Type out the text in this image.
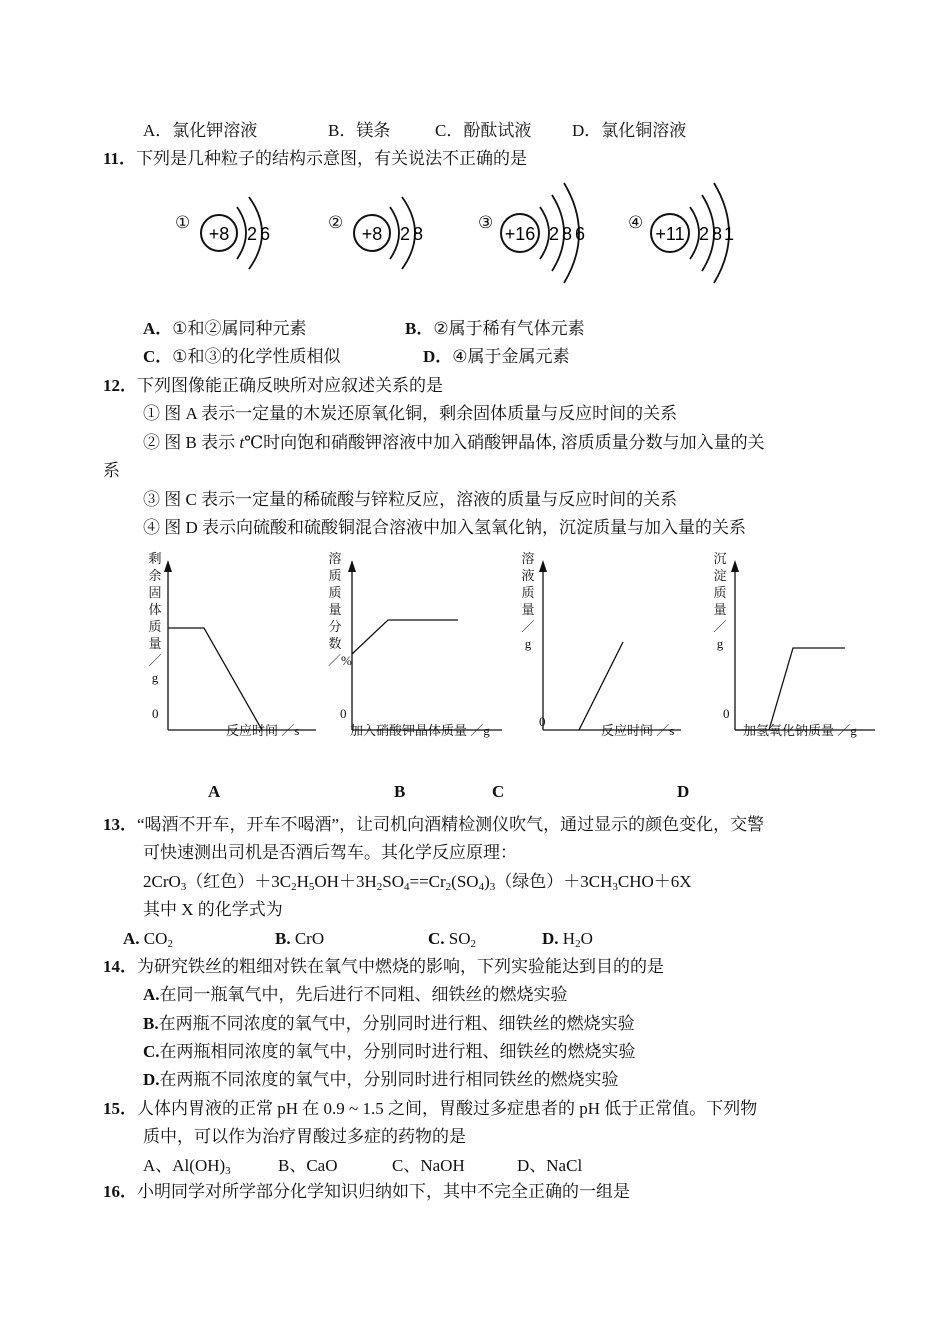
A．氯化钾溶液	B．镁条	C．酚酞试液 D．氯化铜溶液
11．下列是几种粒子的结构示意图，有关说法不正确的是
①
+8 2 6
②
+8 2 8
③
+16 2 8 6
④
+11 2 8 1
A．①和②属同种元素	B．②属于稀有气体元素
C．①和③的化学性质相似	D．④属于金属元素
12．下列图像能正确反映所对应叙述关系的是
① 图 A 表示一定量的木炭还原氧化铜，剩余固体质量与反应时间的关系
② 图 B 表示 t℃时向饱和硝酸钾溶液中加入硝酸钾晶体, 溶质质量分数与加入量的关
系
③ 图 C 表示一定量的稀硫酸与锌粒反应，溶液的质量与反应时间的关系
④ 图 D 表示向硫酸和硫酸铜混合溶液中加入氢氧化钠，沉淀质量与加入量的关系
剩余固体质量／g
0
反应时间 ／s
溶质质量分数／%
0
加入硝酸钾晶体质量 ／g
溶液质量／g
0
反应时间 ／s
沉淀质量／g
0
加氢氧化钠质量 ／g
A	B	C	D
13．“喝酒不开车，开车不喝酒”，让司机向酒精检测仪吹气，通过显示的颜色变化，交警
可快速测出司机是否酒后驾车。其化学反应原理：
2CrO$_3$（红色）$+3C_2H_5OH+3H_2SO_4==Cr_2(SO_4)_3$（绿色）$+3CH_3CHO+6X$
其中 X 的化学式为
A. $CO_2$	B. CrO	C. $SO_2$	D. $H_2O$
14．为研究铁丝的粗细对铁在氧气中燃烧的影响，下列实验能达到目的的是
A.在同一瓶氧气中，先后进行不同粗、细铁丝的燃烧实验
B.在两瓶不同浓度的氧气中，分别同时进行粗、细铁丝的燃烧实验
C.在两瓶相同浓度的氧气中，分别同时进行粗、细铁丝的燃烧实验
D.在两瓶不同浓度的氧气中，分别同时进行相同铁丝的燃烧实验
15．人体内胃液的正常 pH 在 0.9 ~ 1.5 之间，胃酸过多症患者的 pH 低于正常值。下列物
质中，可以作为治疗胃酸过多症的药物的是
A、$Al(OH)_3$	B、CaO	C、NaOH	D、NaCl
16．小明同学对所学部分化学知识归纳如下，其中不完全正确的一组是
